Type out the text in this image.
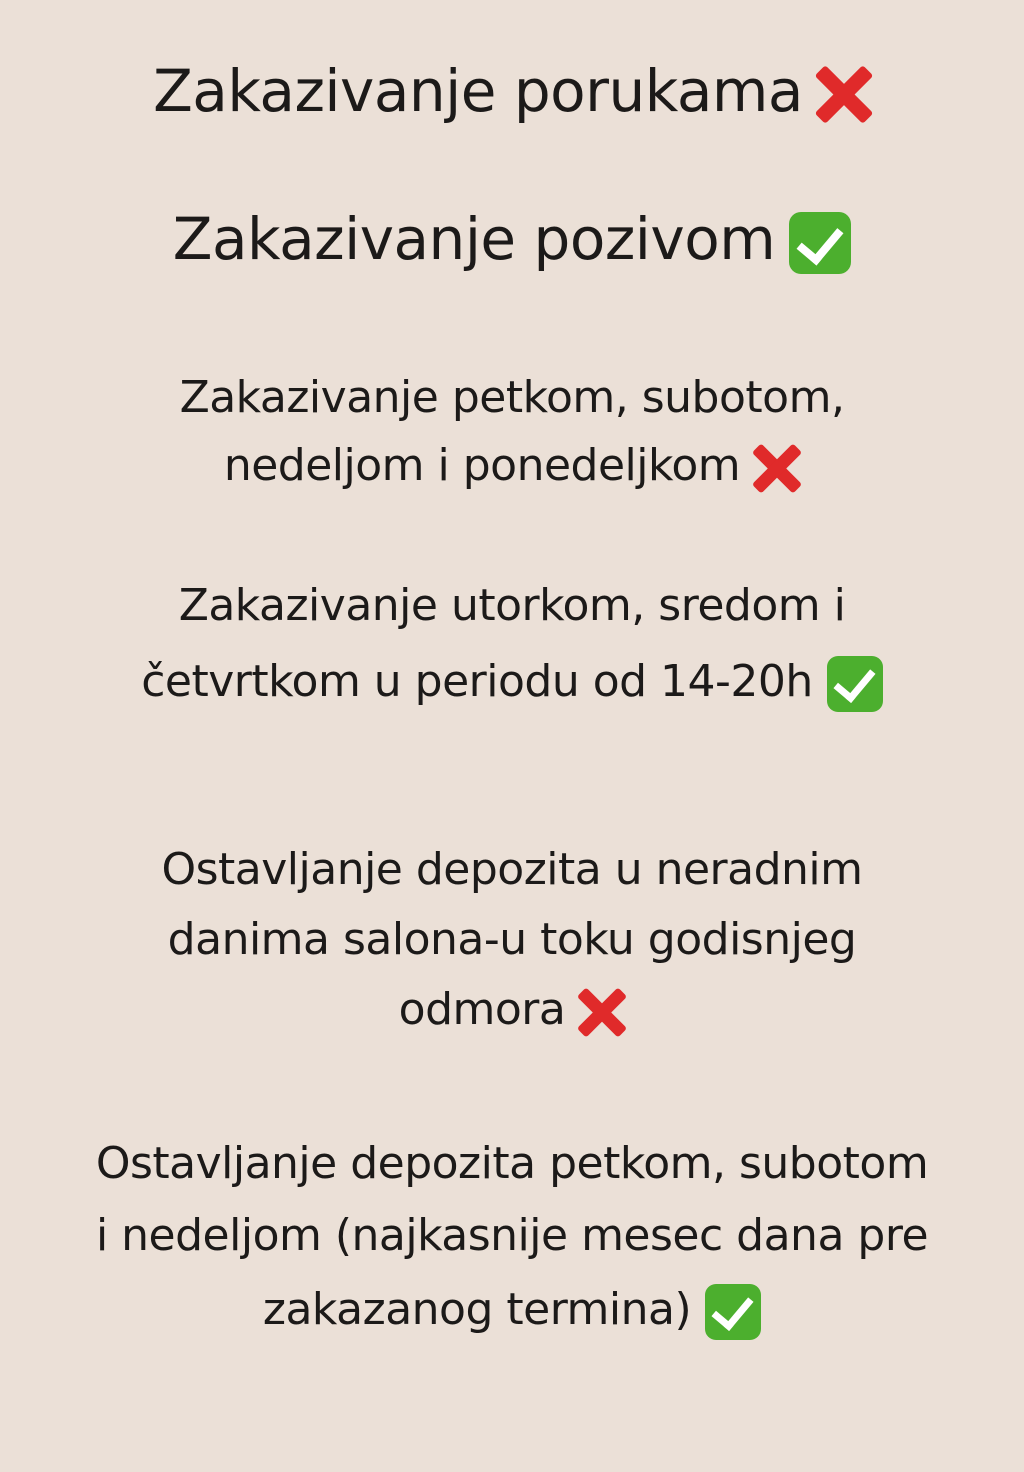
Zakazivanje porukama
Zakazivanje pozivom
Zakazivanje petkom, subotom,
nedeljom i ponedeljkom
Zakazivanje utorkom, sredom i
četvrtkom u periodu od 14-20h
Ostavljanje depozita u neradnim
danima salona-u toku godisnjeg
odmora
Ostavljanje depozita petkom, subotom
i nedeljom (najkasnije mesec dana pre
zakazanog termina)
